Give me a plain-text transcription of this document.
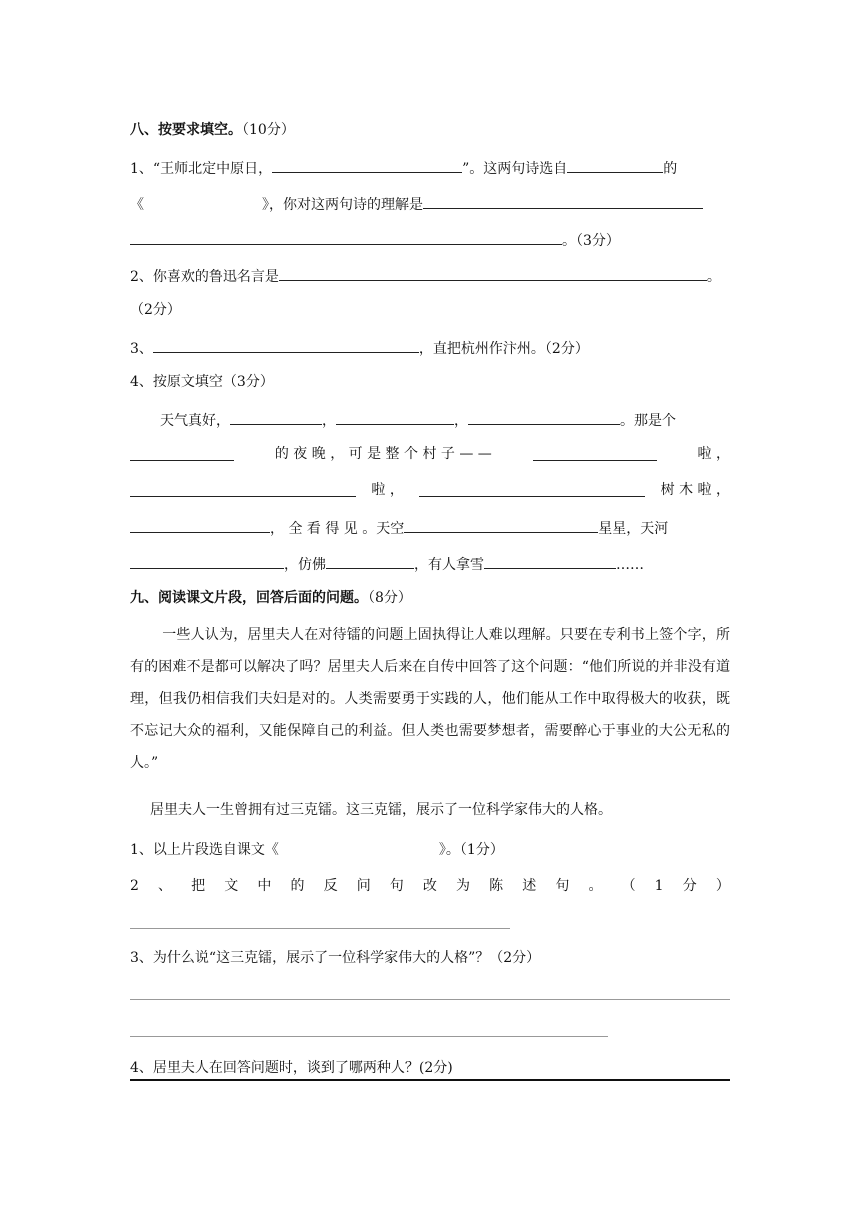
八、按要求填空。（10分）
1、“王师北定中原日，	”。这两句诗选自	的
《	》，你对这两句诗的理解是
。（3分）
2、你喜欢的鲁迅名言是	。
（2分）
3、	，直把杭州作汴州。（2分）
4、按原文填空（3分）
天气真好，	，	，	。那是个
的 夜 晚 ， 可 是 整 个 村 子 — —	啦 ，
啦 ，	树 木 啦 ，
， 全 看 得 见 。天空	星星，天河
，仿佛	，有人拿雪	……
九、阅读课文片段，回答后面的问题。（8分）
一些人认为，居里夫人在对待镭的问题上固执得让人难以理解。只要在专利书上签个字，所有的困难不是都可以解决了吗？居里夫人后来在自传中回答了这个问题：“他们所说的并非没有道理，但我仍相信我们夫妇是对的。人类需要勇于实践的人，他们能从工作中取得极大的收获，既不忘记大众的福利，又能保障自己的利益。但人类也需要梦想者，需要醉心于事业的大公无私的人。”
居里夫人一生曾拥有过三克镭。这三克镭，展示了一位科学家伟大的人格。
1、以上片段选自课文《	》。（1分）
2 、 把 文 中 的 反 问 句 改 为 陈 述 句 。 （ 1 分 ）
3、为什么说“这三克镭，展示了一位科学家伟大的人格”？（2分）
4、居里夫人在回答问题时，谈到了哪两种人？(2分)
